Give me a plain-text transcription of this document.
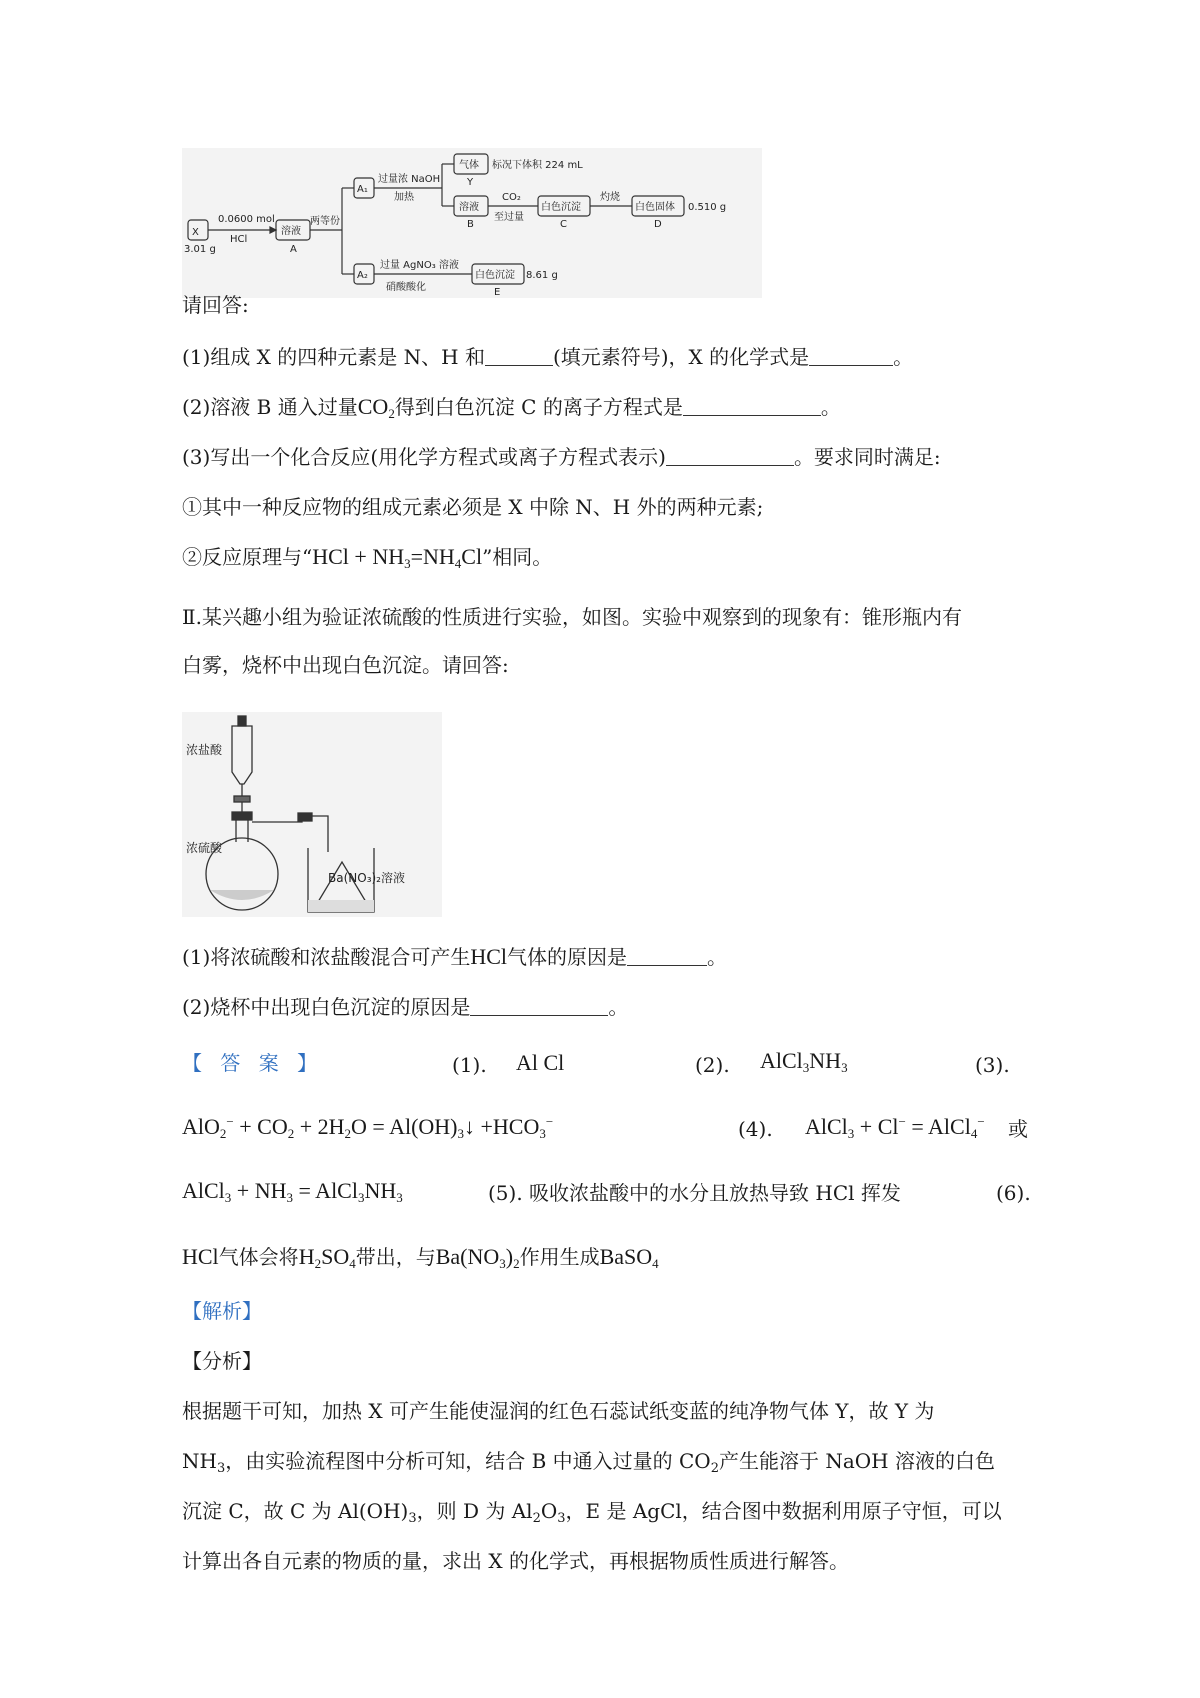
X
3.01 g
0.0600 mol
HCl
溶液
A
两等份
A₁
A₂
过量浓 NaOH
加热
气体 标况下体积 224 mL
Y
溶液
B
CO₂
至过量
白色沉淀
C
灼烧
白色固体 0.510 g
D
过量 AgNO₃ 溶液
硝酸酸化
白色沉淀 8.61 g
E
请回答:
(1)组成 X 的四种元素是 N、H 和	(填元素符号)，X 的化学式是	。
(2)溶液 B 通入过量$CO_2$得到白色沉淀 C 的离子方程式是	。
(3)写出一个化合反应(用化学方程式或离子方程式表示)	。要求同时满足:
①其中一种反应物的组成元素必须是 X 中除 N、H 外的两种元素;
②反应原理与“HCl + $NH_3=NH_4Cl$”相同。
Ⅱ.某兴趣小组为验证浓硫酸的性质进行实验，如图。实验中观察到的现象有：锥形瓶内有
白雾，烧杯中出现白色沉淀。请回答:
浓盐酸
浓硫酸
Ba(NO₃)₂溶液
(1)将浓硫酸和浓盐酸混合可产生HCl气体的原因是	。
(2)烧杯中出现白色沉淀的原因是	。
【 答 案 】	(1). Al Cl	(2). $AlCl_3NH_3$	(3).
$AlO_2^- + CO_2 + 2H_2O$ = $Al(OH)_3↓ +HCO_3^-$	(4). AlCl$_3$ + Cl− = AlCl$_4$− 或
AlCl$_3$ + $NH_3$ = $AlCl_3NH_3$	(5). 吸收浓盐酸中的水分且放热导致 HCl 挥发	(6).
HCl气体会将$H_2SO_4$带出，与$Ba(NO_3)_2$作用生成BaSO$_4$
【解析】
【分析】
根据题干可知，加热 X 可产生能使湿润的红色石蕊试纸变蓝的纯净物气体 Y，故 Y 为
$NH_3$，由实验流程图中分析可知，结合 B 中通入过量的 $CO_2$产生能溶于 NaOH 溶液的白色
沉淀 C，故 C 为 $Al(OH)_3$，则 D 为 $Al_2O_3$，E 是 AgCl，结合图中数据利用原子守恒，可以
计算出各自元素的物质的量，求出 X 的化学式，再根据物质性质进行解答。
